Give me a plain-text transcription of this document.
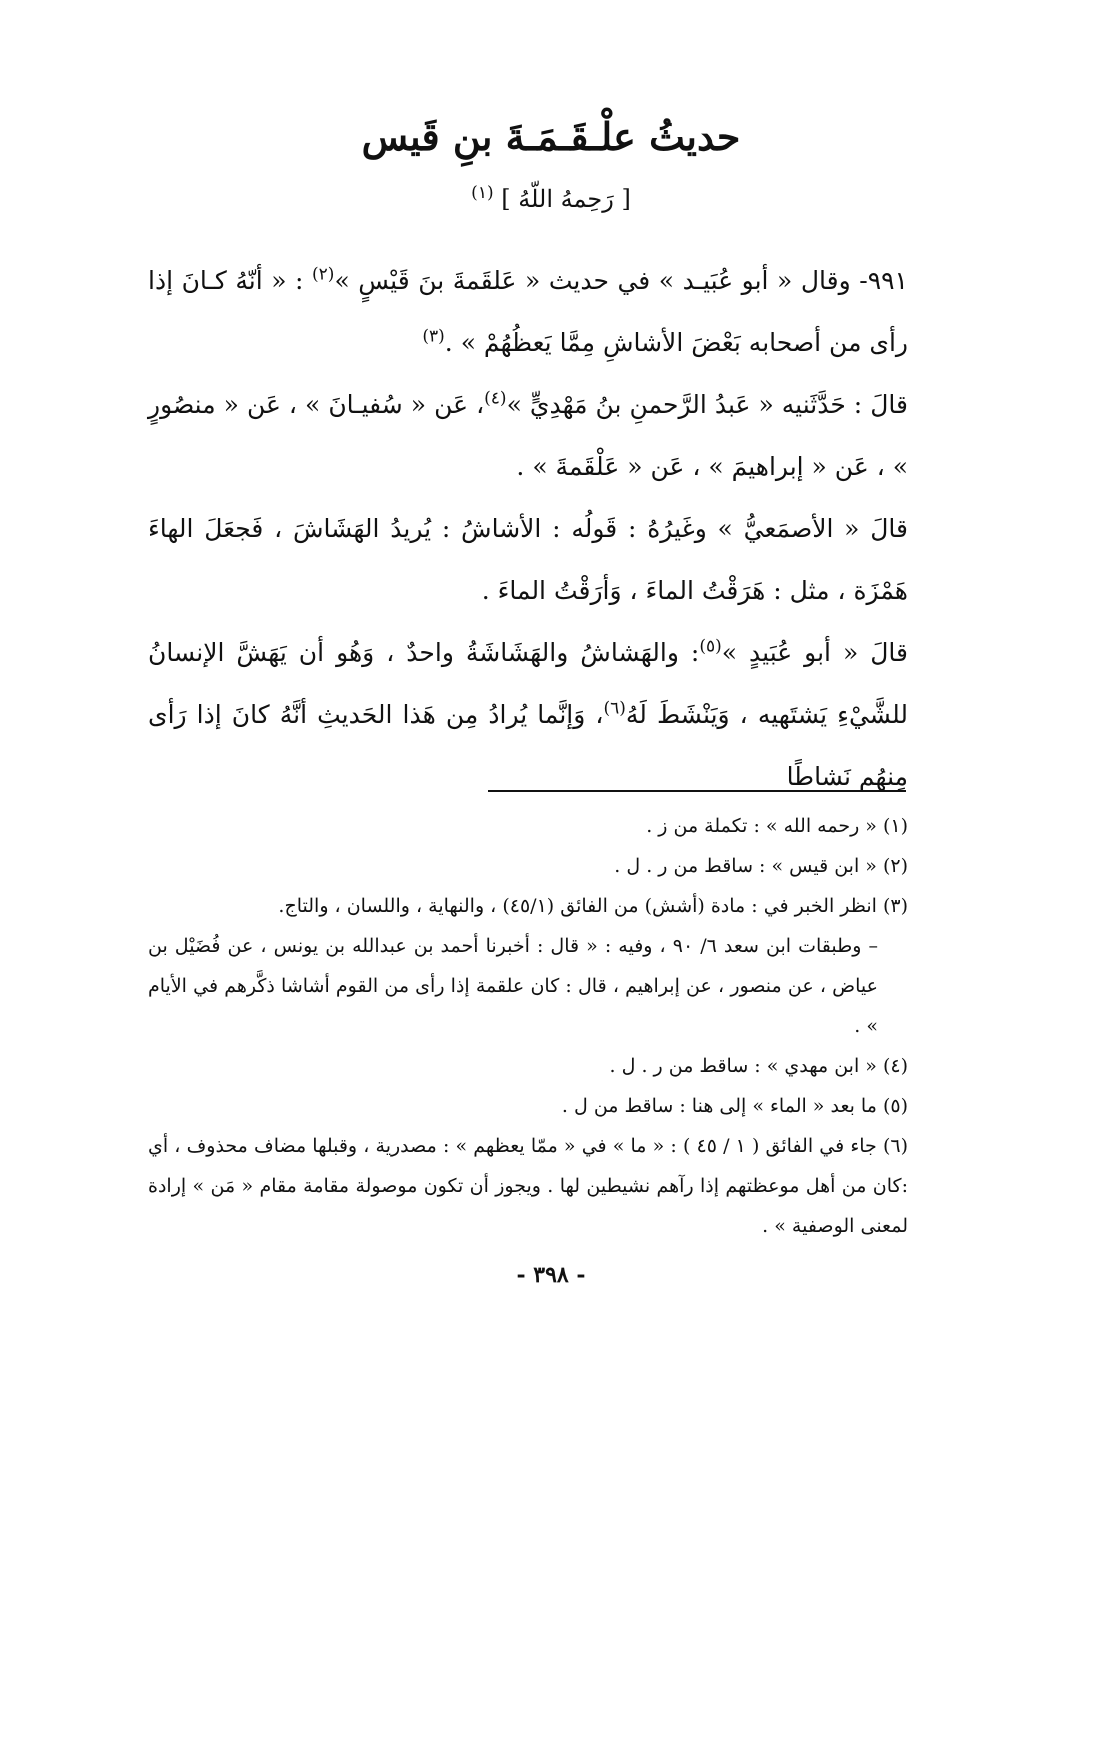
حديثُ علْـقَـمَـةَ بنِ قَيس
[ رَحِمهُ اللّهُ ] $^{(١)}$

٩٩١- وقال « أبو عُبَيـد » في حديث « عَلقَمةَ بنَ قَيْسٍ »$^{(٢)}$ : « أنّهُ كـانَ إذا رأى من أصحابه بَعْضَ الأشاشِ مِمَّا يَعظُهُمْ » .$^{(٣)}$

قالَ : حَدَّثَنيه « عَبدُ الرَّحمنِ بنُ مَهْدِيٍّ »$^{(٤)}$، عَن « سُفيـانَ » ، عَن « منصُورٍ » ، عَن « إبراهيمَ » ، عَن « عَلْقَمةَ » .

قالَ « الأصمَعيُّ » وغَيرُهُ : قَولُه : الأشاشُ : يُريدُ الهَشَاشَ ، فَجعَلَ الهاءَ هَمْزَة ، مثل : هَرَقْتُ الماءَ ، وَأرَقْتُ الماءَ .

قالَ « أبو عُبَيدٍ »$^{(٥)}$: والهَشاشُ والهَشَاشَةُ واحدٌ ، وَهُو أن يَهَشَّ الإنسانُ للشَّيْءِ يَشتَهيه ، وَيَنْشَطَ لَهُ$^{(٦)}$، وَإنَّما يُرادُ مِن هَذا الحَديثِ أنَّهُ كانَ إذا رَأى مِنهُم نَشاطًا

(١) « رحمه الله » : تكملة من ز .

(٢) « ابن قيس » : ساقط من ر . ل .

(٣) انظر الخبر في : مادة (أشش) من الفائق (٤٥/١) ، والنهاية ، واللسان ، والتاج.

– وطبقات ابن سعد ٦/ ٩٠ ، وفيه : « قال : أخبرنا أحمد بن عبدالله بن يونس ، عن فُضَيْل بن عياض ، عن منصور ، عن إبراهيم ، قال : كان علقمة إذا رأى من القوم أشاشا ذكَّرهم في الأيام » .

(٤) « ابن مهدي » : ساقط من ر . ل .

(٥) ما بعد « الماء » إلى هنا : ساقط من ل .

(٦) جاء في الفائق ( ١ / ٤٥ ) : « ما » في « ممّا يعظهم » : مصدرية ، وقبلها مضاف محذوف ، أي :كان من أهل موعظتهم إذا رآهم نشيطين لها . ويجوز أن تكون موصولة مقامة مقام « مَن » إرادة لمعنى الوصفية » .

- ٣٩٨ -
